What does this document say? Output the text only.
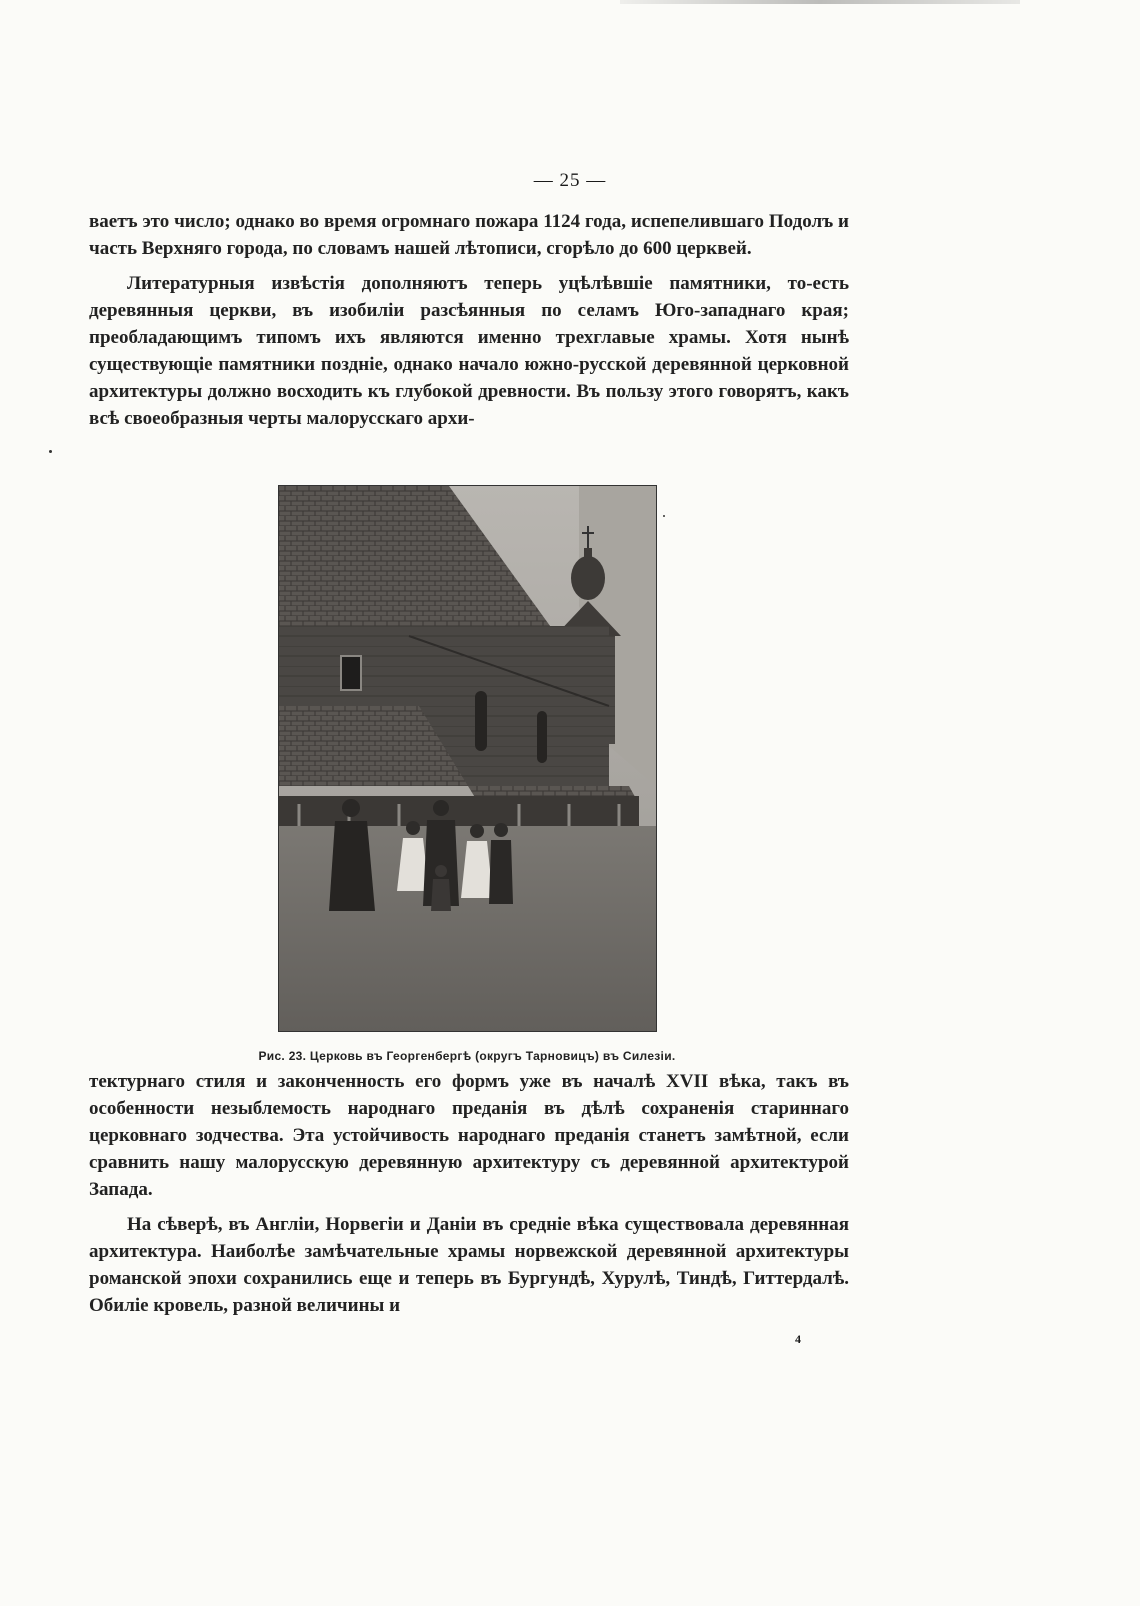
— 25 —

ваетъ это число; однако во время огромнаго пожара 1124 года, испепелившаго Подолъ и часть Верхняго города, по словамъ нашей лѣтописи, сгорѣло до 600 церквей.

Литературныя извѣстія дополняютъ теперь уцѣлѣвшіе памятники, то-есть деревянныя церкви, въ изобиліи разсѣянныя по селамъ Юго-западнаго края; преобладающимъ типомъ ихъ являются именно трехглавые храмы. Хотя нынѣ существующіе памятники поздніе, однако начало южно-русской деревянной церковной архитектуры должно восходить къ глубокой древности. Въ пользу этого говорятъ, какъ всѣ своеобразныя черты малорусскаго архи-

Рис. 23. Церковь въ Георгенбергѣ (округъ Тарновицъ) въ Силезіи.

тектурнаго стиля и законченность его формъ уже въ началѣ XVII вѣка, такъ въ особенности незыблемость народнаго преданія въ дѣлѣ сохраненія стариннаго церковнаго зодчества. Эта устойчивость народнаго преданія станетъ замѣтной, если сравнить нашу малорусскую деревянную архитектуру съ деревянной архитектурой Запада.

На сѣверѣ, въ Англіи, Норвегіи и Даніи въ средніе вѣка существовала деревянная архитектура. Наиболѣе замѣчательные храмы норвежской деревянной архитектуры романской эпохи сохранились еще и теперь въ Бургундѣ, Хурулѣ, Тиндѣ, Гиттердалѣ. Обиліе кровель, разной величины и

4
